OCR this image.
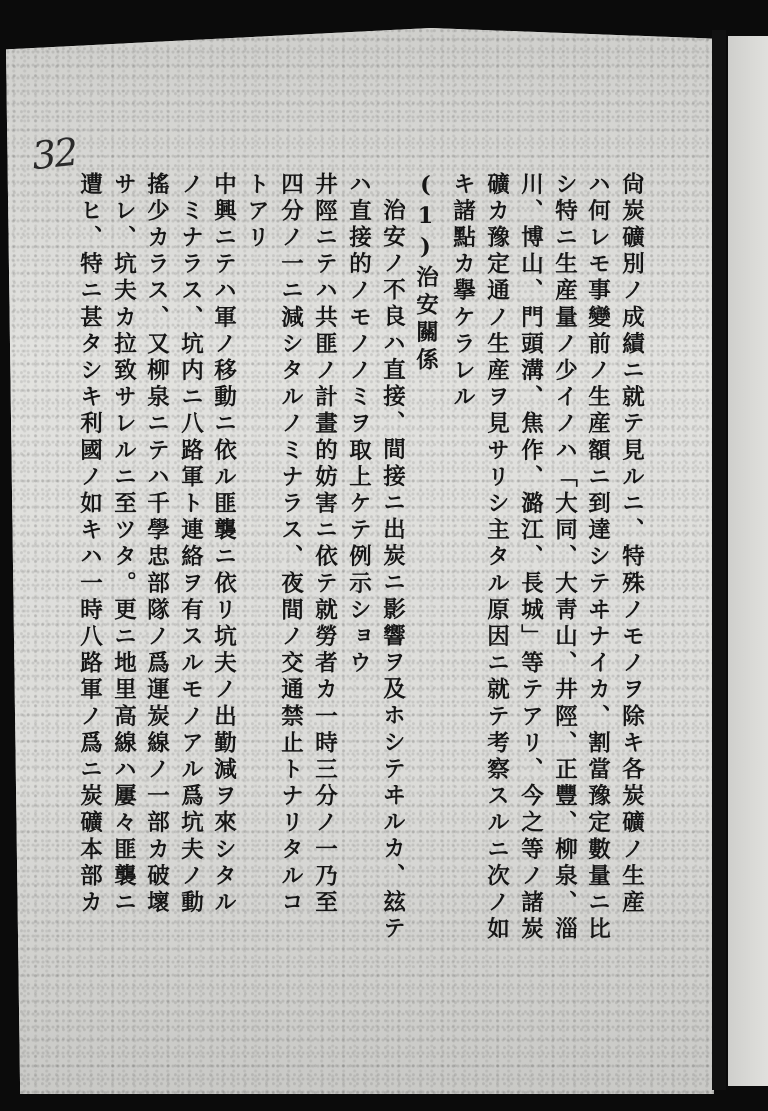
32
尙炭礦別ノ成績ニ就テ見ルニ、特殊ノモノヲ除キ各炭礦ノ生産
ハ何レモ事變前ノ生産額ニ到達シテヰナイカ、割當豫定數量ニ比
シ特ニ生産量ノ少イノハ「大同、大靑山、井陘、正豐、柳泉、淄
川、博山、門頭溝、焦作、潞江、長城」等テアリ、今之等ノ諸炭
礦カ豫定通ノ生産ヲ見サリシ主タル原因ニ就テ考察スルニ次ノ如
キ諸點カ擧ケラレル
(1)治安關係
治安ノ不良ハ直接、間接ニ出炭ニ影響ヲ及ホシテヰルカ、玆テ
ハ直接的ノモノノミヲ取上ケテ例示ショウ
井陘ニテハ共匪ノ計畫的妨害ニ依テ就勞者カ一時三分ノ一乃至
四分ノ一ニ減シタルノミナラス、夜間ノ交通禁止トナリタルコ
トアリ
中興ニテハ軍ノ移動ニ依ル匪襲ニ依リ坑夫ノ出勤減ヲ來シタル
ノミナラス、坑内ニ八路軍ト連絡ヲ有スルモノアル爲坑夫ノ動
搖少カラス、又柳泉ニテハ千學忠部隊ノ爲運炭線ノ一部カ破壞
サレ、坑夫カ拉致サレルニ至ツタ。更ニ地里高線ハ屢々匪襲ニ
遭ヒ、特ニ甚タシキ利國ノ如キハ一時八路軍ノ爲ニ炭礦本部カ
